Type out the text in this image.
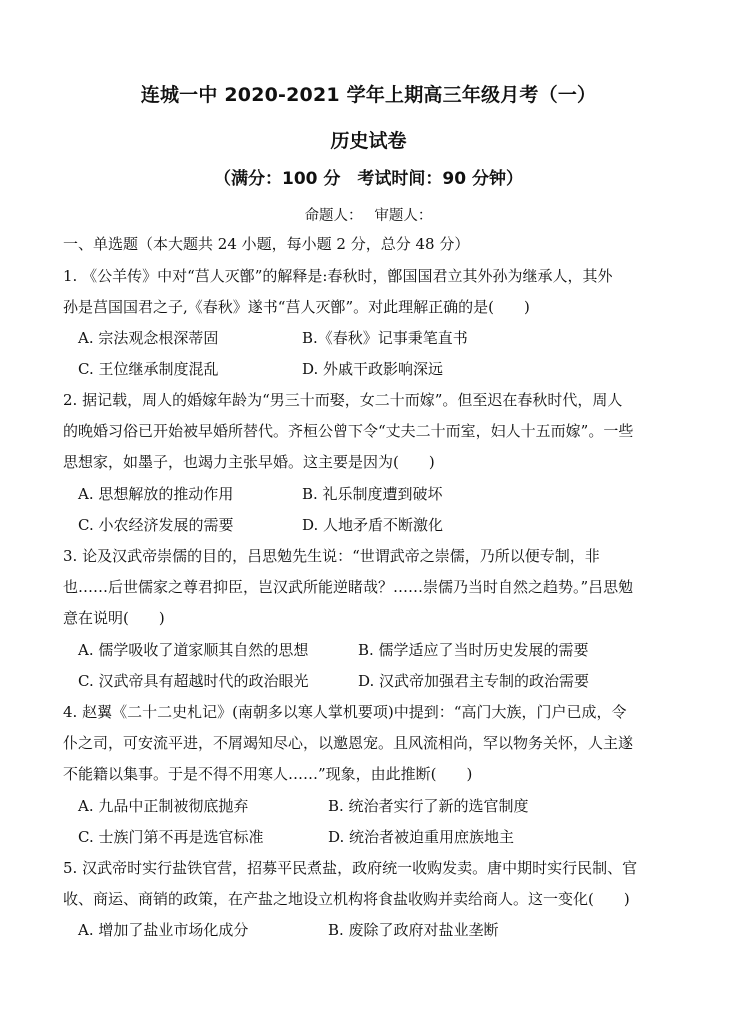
连城一中 2020-2021 学年上期高三年级月考（一）
历史试卷
（满分：100 分　考试时间：90 分钟）
命题人：　 审题人：
一、单选题（本大题共 24 小题，每小题 2 分，总分 48 分）
1. 《公羊传》中对“莒人灭鄫”的解释是:春秋时，鄫国国君立其外孙为继承人，其外
孙是莒国国君之子,《春秋》遂书“莒人灭鄫”。对此理解正确的是(　　)
A. 宗法观念根深蒂固	B.《春秋》记事秉笔直书
C. 王位继承制度混乱	D. 外戚干政影响深远
2. 据记载，周人的婚嫁年龄为“男三十而娶，女二十而嫁”。但至迟在春秋时代，周人
的晚婚习俗已开始被早婚所替代。齐桓公曾下令“丈夫二十而室，妇人十五而嫁”。一些
思想家，如墨子，也竭力主张早婚。这主要是因为(　　)
A. 思想解放的推动作用	B. 礼乐制度遭到破坏
C. 小农经济发展的需要	D. 人地矛盾不断激化
3. 论及汉武帝崇儒的目的，吕思勉先生说：“世谓武帝之崇儒，乃所以便专制，非
也……后世儒家之尊君抑臣，岂汉武所能逆睹哉？……崇儒乃当时自然之趋势。”吕思勉
意在说明(　　)
A. 儒学吸收了道家顺其自然的思想	B. 儒学适应了当时历史发展的需要
C. 汉武帝具有超越时代的政治眼光	D. 汉武帝加强君主专制的政治需要
4. 赵翼《二十二史札记》(南朝多以寒人掌机要项)中提到：“高门大族，门户已成，令
仆之司，可安流平进，不屑竭知尽心，以邀恩宠。且风流相尚，罕以物务关怀，人主遂
不能籍以集事。于是不得不用寒人……”现象，由此推断(　　)
A. 九品中正制被彻底抛弃	B. 统治者实行了新的选官制度
C. 士族门第不再是选官标准	D. 统治者被迫重用庶族地主
5. 汉武帝时实行盐铁官营，招募平民煮盐，政府统一收购发卖。唐中期时实行民制、官
收、商运、商销的政策，在产盐之地设立机构将食盐收购并卖给商人。这一变化(　　)
A. 增加了盐业市场化成分	B. 废除了政府对盐业垄断
